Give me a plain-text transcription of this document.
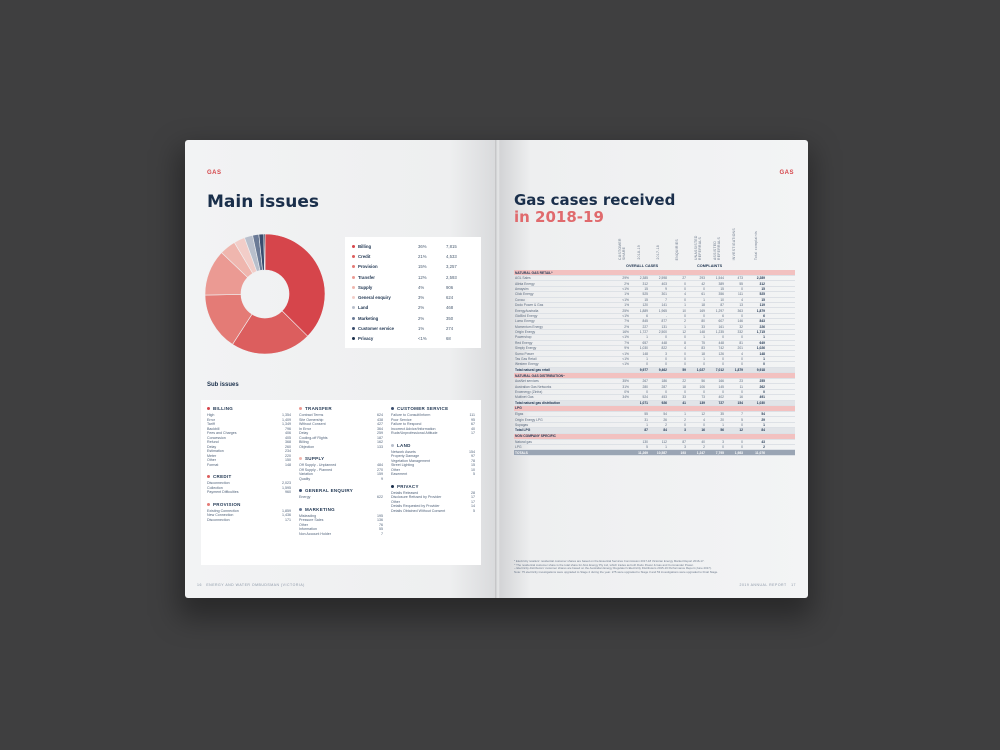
GAS
Main issues
Billing	36%	7,815
Credit	21%	4,533
Provision	15%	3,257
Transfer	12%	2,593
Supply	4%	906
General enquiry	3%	624
Land	2%	468
Marketing	2%	350
Customer service	1%	274
Privacy	<1%	68
Sub issues
BILLING
High	1,354
Error	1,409
Tariff	1,349
Backbill	796
Fees and Charges	406
Concession	405
Refund	368
Delay	260
Estimation	234
Meter	220
Other	150
Format	148
CREDIT
Disconnection	2,023
Collection	1,595
Payment Difficulties	960
PROVISION
Existing Connection	1,859
New Connection	1,436
Disconnection	171
TRANSFER
Contract Terms	624
Site Ownership	438
Without Consent	427
In Error	364
Delay	259
Cooling-off Rights	187
Billing	162
Objection	133
SUPPLY
Off Supply - Unplanned	484
Off Supply - Planned	270
Variation	159
Quality	9
GENERAL ENQUIRY
Energy	622
MARKETING
Misleading	195
Pressure Sales	136
Other	76
Information	55
Non Account Holder	7
CUSTOMER SERVICE
Failure to Consult/Inform	111
Poor Service	95
Failure to Respond	67
Incorrect Advice/Information	40
Rude/Unprofessional Attitude	17
LAND
Network Assets	154
Property Damage	97
Vegetation Management	78
Street Lighting	15
Other	10
Easement	5
PRIVACY
Details Released	28
Disclosure Refused by Provider	17
Other	17
Details Requested by Provider	14
Details Obtained Without Consent	5
16 ENERGY AND WATER OMBUDSMAN (VICTORIA)
GAS
Gas cases received
in 2018-19
CUSTOMER SHARE	2018-19	2017-18	ENQUIRIES	UNASSISTED REFERRALS	ASSISTED REFERRALS	INVESTIGATIONS	Total complaints
OVERALL CASES	COMPLAINTS
NATURAL GAS RETAIL*
AGL Sales	29%	2,385	2,598	27	293	1,544	473	2,289
Alinta Energy	2%	312	403	0	42	389	55	312
Amaysim	<1%	15	9	0	0	15	0	15
Click Energy	1%	525	301	4	61	356	111	525
Covau	<1%	15	7	0	1	10	4	15
Dodo Power & Gas	1%	120	141	1	18	87	13	119
EnergyAustralia	25%	1,889	1,965	10	169	1,297	363	1,879
GloBird Energy	<1%	6	-	0	0	6	0	6
Lumo Energy	7%	845	877	2	80	607	146	843
Momentum Energy	2%	227	131	1	33	161	32	226
Origin Energy	16%	1,727	2,500	12	148	1,235	332	1,715
Powershop	<1%	1	0	0	1	0	0	1
Red Energy	7%	657	448	8	75	448	81	649
Simply Energy	9%	1,030	822	4	83	742	201	1,026
Sumo Power	<1%	148	3	0	18	126	4	148
Tas Gas Retail	<1%	1	0	0	1	0	0	1
Western Energy	<1%	0	0	0	0	0	0	0
Total natural gas retail	9,977	9,462	59	1,027	7,012	1,879	9,918
NATURAL GAS DISTRIBUTION~
AusNet services	35%	267	186	22	56	166	23	255
Australian Gas Networks	31%	280	287	18	106	145	11	262
Evoenergy (Zinfra)	0%	0	0	0	0	0	0	0
Multinet Gas	34%	524	453	33	73	402	16	491
Total natural gas distribution	1,071	926	41	139	727	154	1,030
LPG
Elgas	55	54	1	12	35	7	54
Origin Energy LPG	31	26	2	4	20	5	29
Supagas	1	2	0	0	1	0	1
Total LPG	87	84	3	16	56	12	84
NON COMPANY SPECIFIC
Natural gas	130	112	87	40	3	0	43
LPG	5	1	3	2	0	0	2
TOTALS	11,269	10,587	193	1,247	7,795	1,983	11,076
* Electricity retailers' residential customer shares are based on the Essential Services Commission 2017-18 Victorian Energy Market Report 2016-17.
^ The residential customer share is the total share for AGL Energy Pty Ltd, which trades as both Dodo Power & Gas and Commander Power.
~ Electricity distributors' customer shares are based on the Australian Energy Regulator's Electricity Distributors 2015-16 Performance Report (June 2017).
Note: 75 electricity investigations were upgraded to Stage 2 during the year. 275 were upgraded to Stage 3 and 53 investigations were upgraded to Final Stage.
2019 ANNUAL REPORT 17
